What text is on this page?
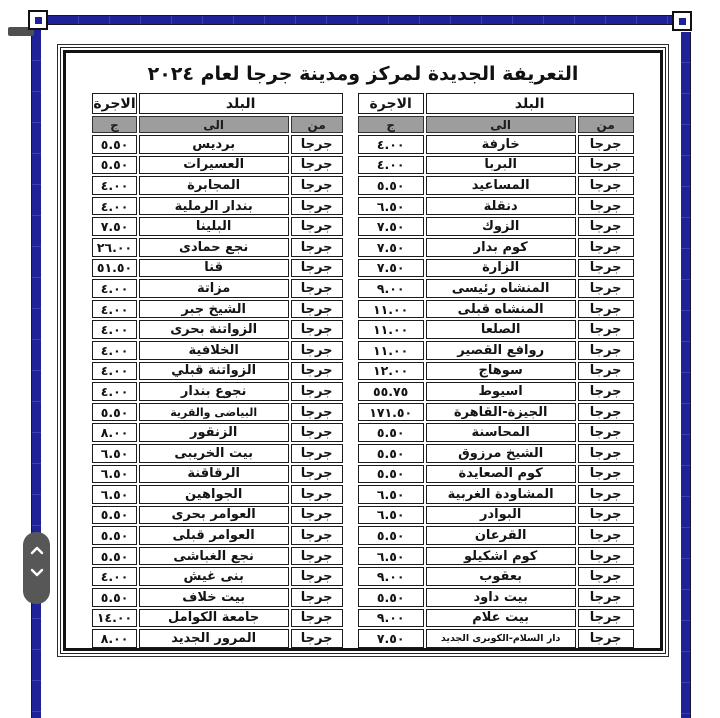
التعريفة الجديدة لمركز ومدينة جرجا لعام ٢٠٢٤
البلد		الاجرة
من	الى	ج
جرجا	خارفة	٤.٠٠
جرجا	البربا	٤.٠٠
جرجا	المساعيد	٥.٥٠
جرجا	دنقلة	٦.٥٠
جرجا	الزوك	٧.٥٠
جرجا	كوم بدار	٧.٥٠
جرجا	الزارة	٧.٥٠
جرجا	المنشاه رئيسى	٩.٠٠
جرجا	المنشاه قبلى	١١.٠٠
جرجا	الصلعا	١١.٠٠
جرجا	روافع القصير	١١.٠٠
جرجا	سوهاج	١٢.٠٠
جرجا	اسيوط	٥٥.٧٥
جرجا	الجيزة-القاهرة	١٧١.٥٠
جرجا	المحاسنة	٥.٥٠
جرجا	الشيخ مرزوق	٥.٥٠
جرجا	كوم الصعايدة	٥.٥٠
جرجا	المشاودة الغربية	٦.٥٠
جرجا	البوادر	٦.٥٠
جرجا	القرعان	٥.٥٠
جرجا	كوم اشكيلو	٦.٥٠
جرجا	بعقوب	٩.٠٠
جرجا	بيت داود	٥.٥٠
جرجا	بيت علام	٩.٠٠
جرجا	دار السلام-الكوبرى الجديد	٧.٥٠
البلد		الاجرة
من	الى	ج
جرجا	برديس	٥.٥٠
جرجا	العسيرات	٥.٥٠
جرجا	المجابرة	٤.٠٠
جرجا	بندار الرملية	٤.٠٠
جرجا	البلينا	٧.٥٠
جرجا	نجع حمادى	٢٦.٠٠
جرجا	قنا	٥١.٥٠
جرجا	مزاتة	٤.٠٠
جرجا	الشيخ جبر	٤.٠٠
جرجا	الزواتنة بحرى	٤.٠٠
جرجا	الخلافية	٤.٠٠
جرجا	الزواتنة قبلي	٤.٠٠
جرجا	نجوع بندار	٤.٠٠
جرجا	البياضى والقرية	٥.٥٠
جرجا	الزنقور	٨.٠٠
جرجا	بيت الخريبى	٦.٥٠
جرجا	الرقاقنة	٦.٥٠
جرجا	الجواهين	٦.٥٠
جرجا	العوامر بحرى	٥.٥٠
جرجا	العوامر قبلى	٥.٥٠
جرجا	نجع الغباشى	٥.٥٠
جرجا	بنى غيش	٤.٠٠
جرجا	بيت خلاف	٥.٥٠
جرجا	جامعة الكوامل	١٤.٠٠
جرجا	المرور الجديد	٨.٠٠
